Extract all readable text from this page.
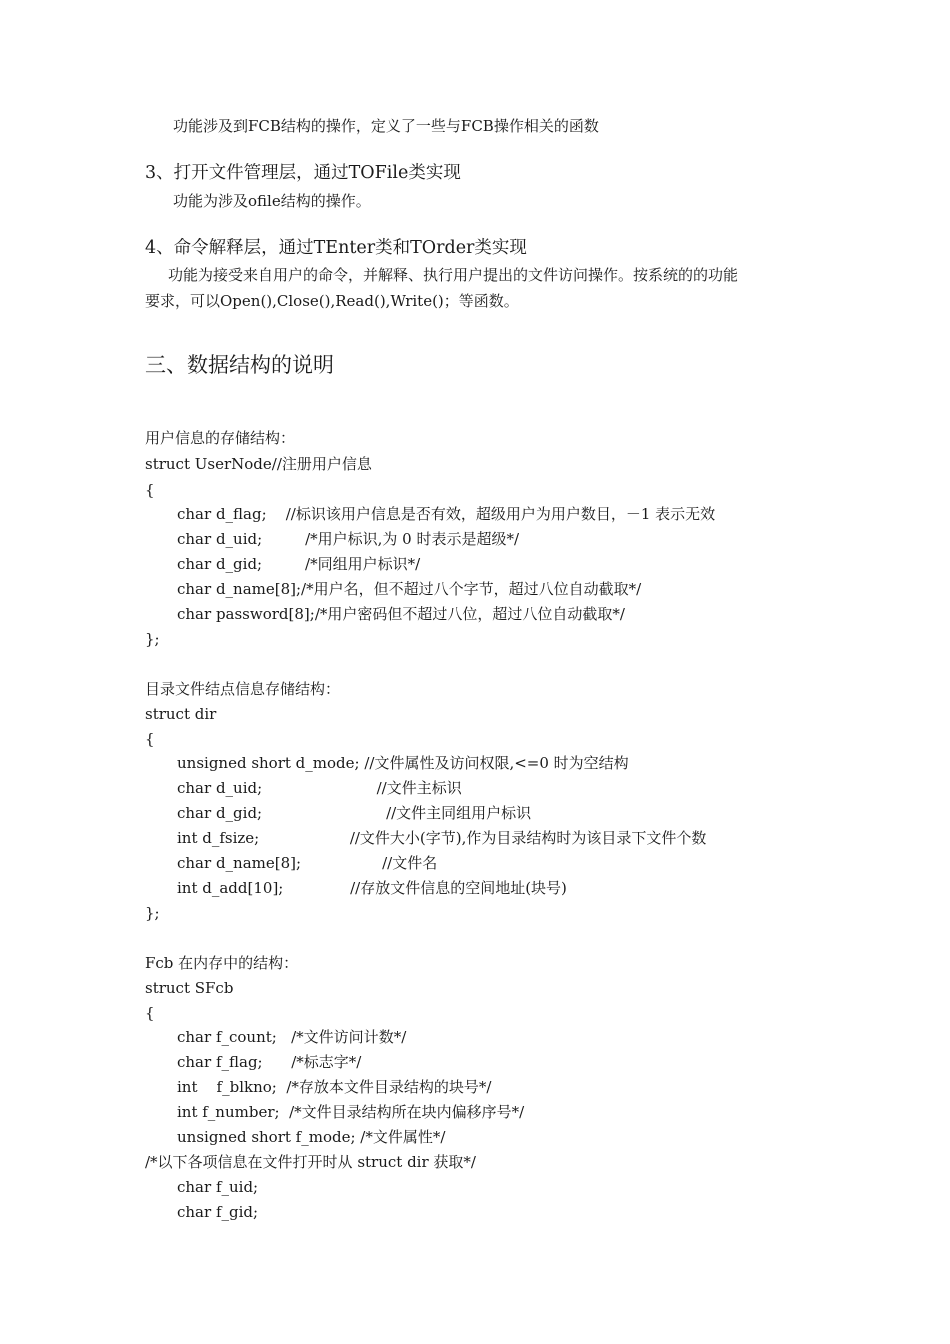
功能涉及到FCB结构的操作，定义了一些与FCB操作相关的函数
3、打开文件管理层，通过TOFile类实现
功能为涉及ofile结构的操作。
4、命令解释层，通过TEnter类和TOrder类实现
功能为接受来自用户的命令，并解释、执行用户提出的文件访问操作。按系统的的功能
要求，可以Open(),Close(),Read(),Write()；等函数。
三、数据结构的说明
用户信息的存储结构：
struct UserNode//注册用户信息
{
char d_flag;    //标识该用户信息是否有效，超级用户为用户数目，－1 表示无效
char d_uid;         /*用户标识,为 0 时表示是超级*/
char d_gid;         /*同组用户标识*/
char d_name[8];/*用户名，但不超过八个字节，超过八位自动截取*/
char password[8];/*用户密码但不超过八位，超过八位自动截取*/
};
目录文件结点信息存储结构：
struct dir
{
unsigned short d_mode; //文件属性及访问权限,<=0 时为空结构
char d_uid;                        //文件主标识
char d_gid;                          //文件主同组用户标识
int d_fsize;                   //文件大小(字节),作为目录结构时为该目录下文件个数
char d_name[8];                 //文件名
int d_add[10];              //存放文件信息的空间地址(块号)
};
Fcb 在内存中的结构：
struct SFcb
{
char f_count;   /*文件访问计数*/
char f_flag;      /*标志字*/
int    f_blkno;  /*存放本文件目录结构的块号*/
int f_number;  /*文件目录结构所在块内偏移序号*/
unsigned short f_mode; /*文件属性*/
/*以下各项信息在文件打开时从 struct dir 获取*/
char f_uid;
char f_gid;
